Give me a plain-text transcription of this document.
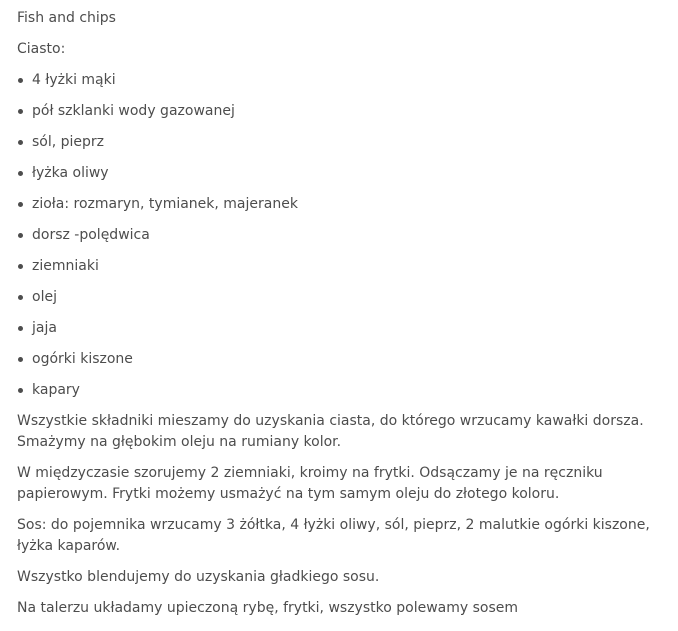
Fish and chips

Ciasto:

4 łyżki mąki
pół szklanki wody gazowanej
sól, pieprz
łyżka oliwy
zioła: rozmaryn, tymianek, majeranek
dorsz -polędwica
ziemniaki
olej
jaja
ogórki kiszone
kapary

Wszystkie składniki mieszamy do uzyskania ciasta, do którego wrzucamy kawałki dorsza. Smażymy na głębokim oleju na rumiany kolor.

W międzyczasie szorujemy 2 ziemniaki, kroimy na frytki. Odsączamy je na ręczniku papierowym. Frytki możemy usmażyć na tym samym oleju do złotego koloru.

Sos: do pojemnika wrzucamy 3 żółtka, 4 łyżki oliwy, sól, pieprz, 2 malutkie ogórki kiszone, łyżka kaparów.

Wszystko blendujemy do uzyskania gładkiego sosu.

Na talerzu układamy upieczoną rybę, frytki, wszystko polewamy sosem
